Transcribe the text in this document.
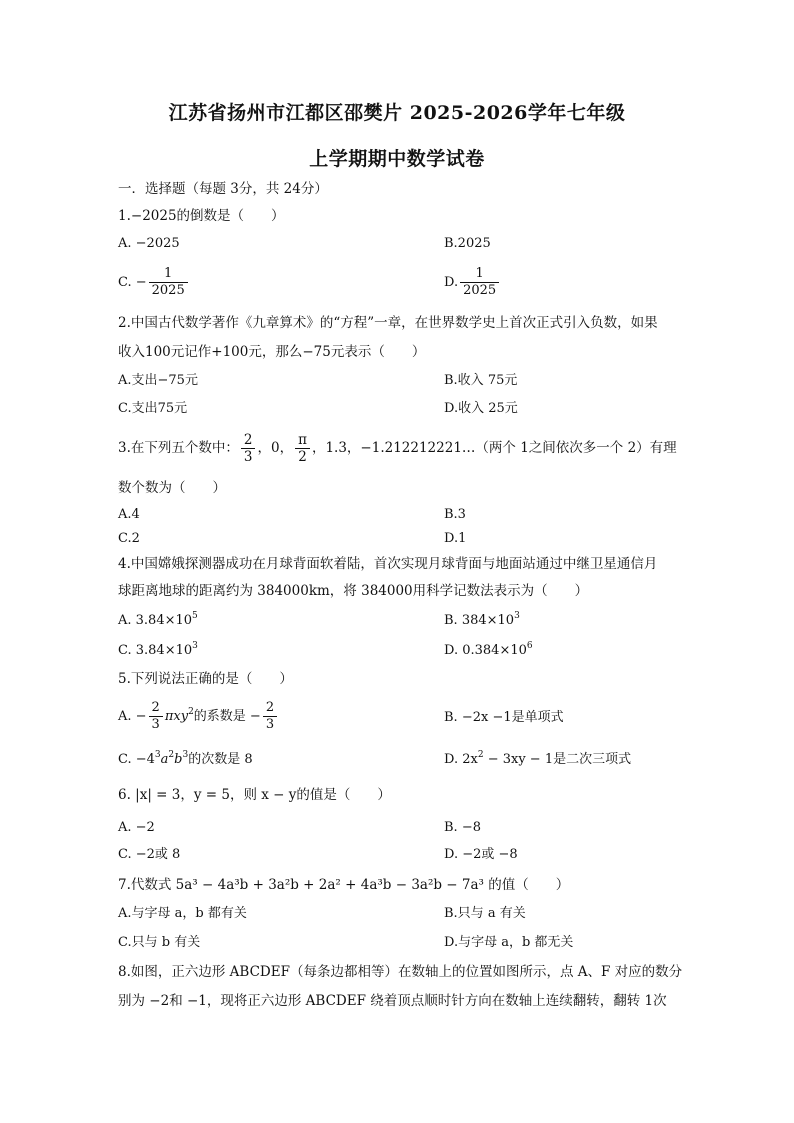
江苏省扬州市江都区邵樊片 2025-2026学年七年级
上学期期中数学试卷
一．选择题（每题 3分，共 24分）
1.−2025的倒数是（　　）
A. −2025	B.2025
C. − $\frac{1}{2025}$	D. $\frac{1}{2025}$
2.中国古代数学著作《九章算术》的“方程”一章，在世界数学史上首次正式引入负数，如果
收入100元记作+100元，那么−75元表示（　　）
A.支出−75元	B.收入 75元
C.支出75元	D.收入 25元
3.在下列五个数中： $\frac{2}{3}$ ，0， $\frac{\pi}{2}$ ，1.3，−1.212212221…（两个 1之间依次多一个 2）有理
数个数为（　　）
A.4	B.3
C.2	D.1
4.中国嫦娥探测器成功在月球背面软着陆，首次实现月球背面与地面站通过中继卫星通信月
球距离地球的距离约为 384000km，将 384000用科学记数法表示为（　　）
A. $3.84\times 10^5$	B. $384\times 10^3$
C. $3.84\times 10^3$	D. $0.384\times 10^6$
5.下列说法正确的是（　　）
A. − $\frac{2}{3} \pi xy^2$的系数是 − $\frac{2}{3}$	B. −2x −1是单项式
C. $-4^3a^2b^3$的次数是 8	D. $2x^2 - 3xy - 1$是二次三项式
6. |x| = 3，y = 5，则 x − y的值是（　　）
A. −2	B. −8
C. −2或 8	D. −2或 −8
7.代数式 5a³ − 4a³b + 3a²b + 2a² + 4a³b − 3a²b − 7a³ 的值（　　）
A.与字母 a，b 都有关	B.只与 a 有关
C.只与 b 有关	D.与字母 a，b 都无关
8.如图，正六边形 ABCDEF（每条边都相等）在数轴上的位置如图所示，点 A、F 对应的数分
别为 −2和 −1，现将正六边形 ABCDEF 绕着顶点顺时针方向在数轴上连续翻转，翻转 1次
